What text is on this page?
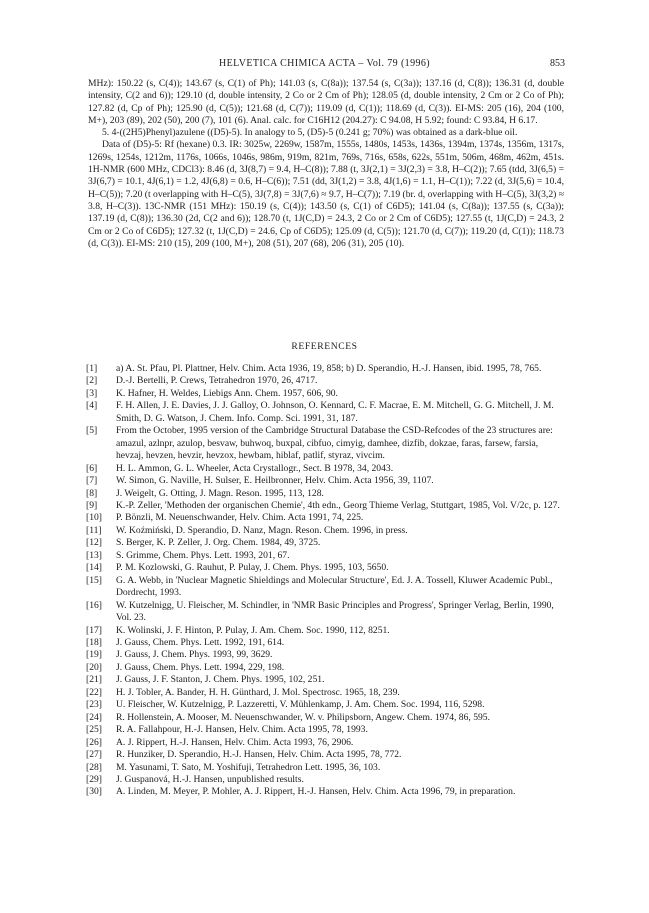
HELVETICA CHIMICA ACTA – Vol. 79 (1996)	853

MHz): 150.22 (s, C(4)); 143.67 (s, C(1) of Ph); 141.03 (s, C(8a)); 137.54 (s, C(3a)); 137.16 (d, C(8)); 136.31 (d, double intensity, C(2 and 6)); 129.10 (d, double intensity, 2 Co or 2 Cm of Ph); 128.05 (d, double intensity, 2 Cm or 2 Co of Ph); 127.82 (d, Cp of Ph); 125.90 (d, C(5)); 121.68 (d, C(7)); 119.09 (d, C(1)); 118.69 (d, C(3)). EI-MS: 205 (16), 204 (100, M+), 203 (89), 202 (50), 200 (7), 101 (6). Anal. calc. for C16H12 (204.27): C 94.08, H 5.92; found: C 93.84, H 6.17.

5. 4-((2H5)Phenyl)azulene ((D5)-5). In analogy to 5, (D5)-5 (0.241 g; 70%) was obtained as a dark-blue oil.

Data of (D5)-5: Rf (hexane) 0.3. IR: 3025w, 2269w, 1587m, 1555s, 1480s, 1453s, 1436s, 1394m, 1374s, 1356m, 1317s, 1269s, 1254s, 1212m, 1176s, 1066s, 1046s, 986m, 919m, 821m, 769s, 716s, 658s, 622s, 551m, 506m, 468m, 462m, 451s. 1H-NMR (600 MHz, CDCl3): 8.46 (d, 3J(8,7) = 9.4, H–C(8)); 7.88 (t, 3J(2,1) = 3J(2,3) = 3.8, H–C(2)); 7.65 (tdd, 3J(6,5) = 3J(6,7) = 10.1, 4J(6,1) = 1.2, 4J(6,8) = 0.6, H–C(6)); 7.51 (dd, 3J(1,2) = 3.8, 4J(1,6) = 1.1, H–C(1)); 7.22 (d, 3J(5,6) = 10.4, H–C(5)); 7.20 (t overlapping with H–C(5), 3J(7,8) = 3J(7,6) ≈ 9.7, H–C(7)); 7.19 (br. d, overlapping with H–C(5), 3J(3,2) ≈ 3.8, H–C(3)). 13C-NMR (151 MHz): 150.19 (s, C(4)); 143.50 (s, C(1) of C6D5); 141.04 (s, C(8a)); 137.55 (s, C(3a)); 137.19 (d, C(8)); 136.30 (2d, C(2 and 6)); 128.70 (t, 1J(C,D) = 24.3, 2 Co or 2 Cm of C6D5); 127.55 (t, 1J(C,D) = 24.3, 2 Cm or 2 Co of C6D5); 127.32 (t, 1J(C,D) = 24.6, Cp of C6D5); 125.09 (d, C(5)); 121.70 (d, C(7)); 119.20 (d, C(1)); 118.73 (d, C(3)). EI-MS: 210 (15), 209 (100, M+), 208 (51), 207 (68), 206 (31), 205 (10).

REFERENCES
[1]	a) A. St. Pfau, Pl. Plattner, Helv. Chim. Acta 1936, 19, 858; b) D. Sperandio, H.-J. Hansen, ibid. 1995, 78, 765.
[2]	D.-J. Bertelli, P. Crews, Tetrahedron 1970, 26, 4717.
[3]	K. Hafner, H. Weldes, Liebigs Ann. Chem. 1957, 606, 90.
[4]	F. H. Allen, J. E. Davies, J. J. Galloy, O. Johnson, O. Kennard, C. F. Macrae, E. M. Mitchell, G. G. Mitchell, J. M. Smith, D. G. Watson, J. Chem. Info. Comp. Sci. 1991, 31, 187.
[5]	From the October, 1995 version of the Cambridge Structural Database the CSD-Refcodes of the 23 structures are: amazul, azlnpr, azulop, besvaw, buhwoq, buxpal, cibfuo, cimyig, damhee, dizfib, dokzae, faras, farsew, farsia, hevzaj, hevzen, hevzir, hevzox, hewbam, hiblaf, patlif, styraz, vivcim.
[6]	H. L. Ammon, G. L. Wheeler, Acta Crystallogr., Sect. B 1978, 34, 2043.
[7]	W. Simon, G. Naville, H. Sulser, E. Heilbronner, Helv. Chim. Acta 1956, 39, 1107.
[8]	J. Weigelt, G. Otting, J. Magn. Reson. 1995, 113, 128.
[9]	K.-P. Zeller, 'Methoden der organischen Chemie', 4th edn., Georg Thieme Verlag, Stuttgart, 1985, Vol. V/2c, p. 127.
[10]	P. Bönzli, M. Neuenschwander, Helv. Chim. Acta 1991, 74, 225.
[11]	W. Koźmiński, D. Sperandio, D. Nanz, Magn. Reson. Chem. 1996, in press.
[12]	S. Berger, K. P. Zeller, J. Org. Chem. 1984, 49, 3725.
[13]	S. Grimme, Chem. Phys. Lett. 1993, 201, 67.
[14]	P. M. Kozlowski, G. Rauhut, P. Pulay, J. Chem. Phys. 1995, 103, 5650.
[15]	G. A. Webb, in 'Nuclear Magnetic Shieldings and Molecular Structure', Ed. J. A. Tossell, Kluwer Academic Publ., Dordrecht, 1993.
[16]	W. Kutzelnigg, U. Fleischer, M. Schindler, in 'NMR Basic Principles and Progress', Springer Verlag, Berlin, 1990, Vol. 23.
[17]	K. Wolinski, J. F. Hinton, P. Pulay, J. Am. Chem. Soc. 1990, 112, 8251.
[18]	J. Gauss, Chem. Phys. Lett. 1992, 191, 614.
[19]	J. Gauss, J. Chem. Phys. 1993, 99, 3629.
[20]	J. Gauss, Chem. Phys. Lett. 1994, 229, 198.
[21]	J. Gauss, J. F. Stanton, J. Chem. Phys. 1995, 102, 251.
[22]	H. J. Tobler, A. Bander, H. H. Günthard, J. Mol. Spectrosc. 1965, 18, 239.
[23]	U. Fleischer, W. Kutzelnigg, P. Lazzeretti, V. Mühlenkamp, J. Am. Chem. Soc. 1994, 116, 5298.
[24]	R. Hollenstein, A. Mooser, M. Neuenschwander, W. v. Philipsborn, Angew. Chem. 1974, 86, 595.
[25]	R. A. Fallahpour, H.-J. Hansen, Helv. Chim. Acta 1995, 78, 1993.
[26]	A. J. Rippert, H.-J. Hansen, Helv. Chim. Acta 1993, 76, 2906.
[27]	R. Hunziker, D. Sperandio, H.-J. Hansen, Helv. Chim. Acta 1995, 78, 772.
[28]	M. Yasunami, T. Sato, M. Yoshifuji, Tetrahedron Lett. 1995, 36, 103.
[29]	J. Guspanová, H.-J. Hansen, unpublished results.
[30]	A. Linden, M. Meyer, P. Mohler, A. J. Rippert, H.-J. Hansen, Helv. Chim. Acta 1996, 79, in preparation.
